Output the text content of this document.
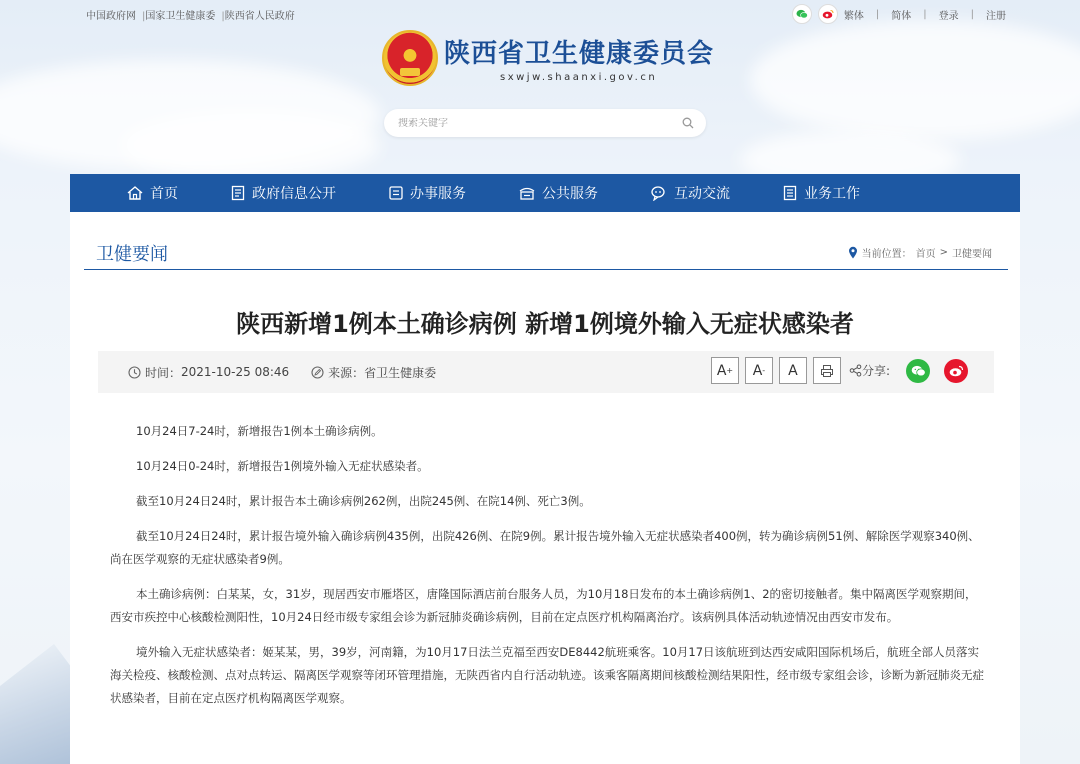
中国政府网 |国家卫生健康委 |陕西省人民政府	繁体 | 简体 | 登录 | 注册
陕西省卫生健康委员会
sxwjw.shaanxi.gov.cn
搜索关键字
首页	政府信息公开	办事服务	公共服务	互动交流	业务工作
卫健要闻	当前位置： 首页 > 卫健要闻
陕西新增1例本土确诊病例 新增1例境外输入无症状感染者
时间： 2021-10-25 08:46	来源： 省卫生健康委	A +	A -	A	分享:

10月24日7-24时，新增报告1例本土确诊病例。

10月24日0-24时，新增报告1例境外输入无症状感染者。

截至10月24日24时，累计报告本土确诊病例262例，出院245例、在院14例、死亡3例。

截至10月24日24时，累计报告境外输入确诊病例435例，出院426例、在院9例。累计报告境外输入无症状感染者400例，转为确诊病例51例、解除医学观察340例、尚在医学观察的无症状感染者9例。

本土确诊病例：白某某，女，31岁，现居西安市雁塔区，唐隆国际酒店前台服务人员，为10月18日发布的本土确诊病例1、2的密切接触者。集中隔离医学观察期间，西安市疾控中心核酸检测阳性，10月24日经市级专家组会诊为新冠肺炎确诊病例，目前在定点医疗机构隔离治疗。该病例具体活动轨迹情况由西安市发布。

境外输入无症状感染者：姬某某，男，39岁，河南籍，为10月17日法兰克福至西安DE8442航班乘客。10月17日该航班到达西安咸阳国际机场后，航班全部人员落实海关检疫、核酸检测、点对点转运、隔离医学观察等闭环管理措施，无陕西省内自行活动轨迹。该乘客隔离期间核酸检测结果阳性，经市级专家组会诊，诊断为新冠肺炎无症状感染者，目前在定点医疗机构隔离医学观察。
